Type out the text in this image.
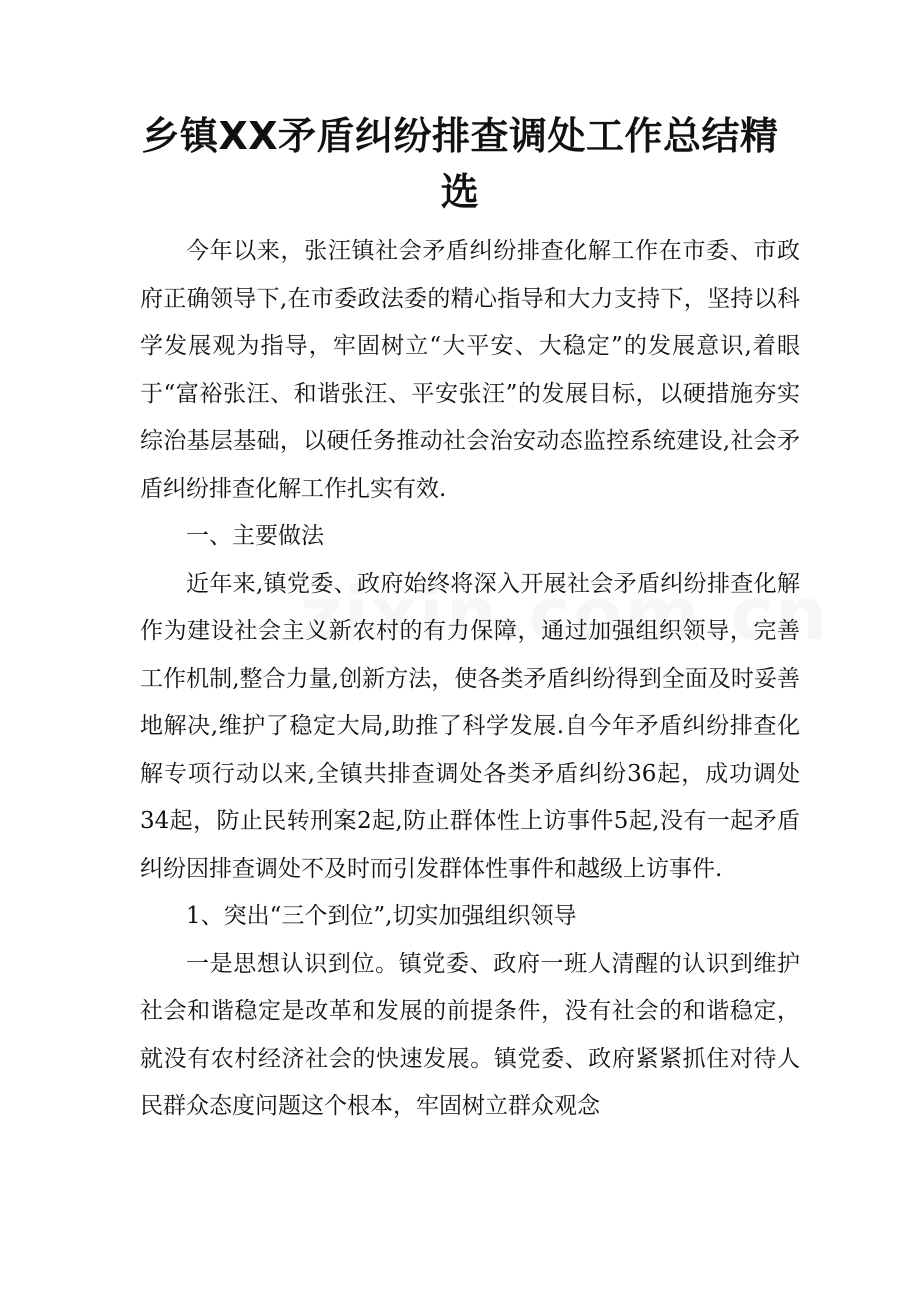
乡镇XX矛盾纠纷排查调处工作总结精选

今年以来，张汪镇社会矛盾纠纷排查化解工作在市委、市政府正确领导下,在市委政法委的精心指导和大力支持下，坚持以科学发展观为指导，牢固树立“大平安、大稳定”的发展意识,着眼于“富裕张汪、和谐张汪、平安张汪”的发展目标，以硬措施夯实综治基层基础，以硬任务推动社会治安动态监控系统建设,社会矛盾纠纷排查化解工作扎实有效.

一、主要做法

近年来,镇党委、政府始终将深入开展社会矛盾纠纷排查化解作为建设社会主义新农村的有力保障，通过加强组织领导，完善工作机制,整合力量,创新方法，使各类矛盾纠纷得到全面及时妥善地解决,维护了稳定大局,助推了科学发展.自今年矛盾纠纷排查化解专项行动以来,全镇共排查调处各类矛盾纠纷36起，成功调处34起，防止民转刑案2起,防止群体性上访事件5起,没有一起矛盾纠纷因排查调处不及时而引发群体性事件和越级上访事件.

1、突出“三个到位”,切实加强组织领导

一是思想认识到位。镇党委、政府一班人清醒的认识到维护社会和谐稳定是改革和发展的前提条件，没有社会的和谐稳定，就没有农村经济社会的快速发展。镇党委、政府紧紧抓住对待人民群众态度问题这个根本，牢固树立群众观念
